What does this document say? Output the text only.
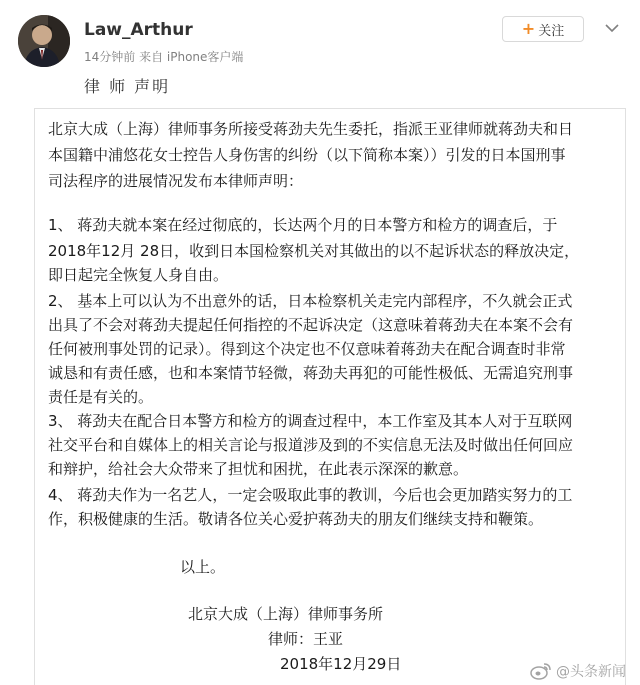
Law_Arthur
14分钟前 来自 iPhone客户端
+ 关注
律 师 声明

北京大成（上海）律师事务所接受蒋劲夫先生委托，指派王亚律师就蒋劲夫和日

本国籍中浦悠花女士控告人身伤害的纠纷（以下简称本案））引发的日本国刑事

司法程序的进展情况发布本律师声明：

1、 蒋劲夫就本案在经过彻底的，长达两个月的日本警方和检方的调查后，于

2018年12月 28日，收到日本国检察机关对其做出的以不起诉状态的释放决定，

即日起完全恢复人身自由。

2、 基本上可以认为不出意外的话，日本检察机关走完内部程序，不久就会正式

出具了不会对蒋劲夫提起任何指控的不起诉决定（这意味着蒋劲夫在本案不会有

任何被刑事处罚的记录）。得到这个决定也不仅意味着蒋劲夫在配合调查时非常

诚恳和有责任感，也和本案情节轻微，蒋劲夫再犯的可能性极低、无需追究刑事

责任是有关的。

3、 蒋劲夫在配合日本警方和检方的调查过程中，本工作室及其本人对于互联网

社交平台和自媒体上的相关言论与报道涉及到的不实信息无法及时做出任何回应

和辩护，给社会大众带来了担忧和困扰，在此表示深深的歉意。

4、 蒋劲夫作为一名艺人，一定会吸取此事的教训，今后也会更加踏实努力的工

作，积极健康的生活。敬请各位关心爱护蒋劲夫的朋友们继续支持和鞭策。

以上。
北京大成（上海）律师事务所
律师：王亚
2018年12月29日	@头条新闻
